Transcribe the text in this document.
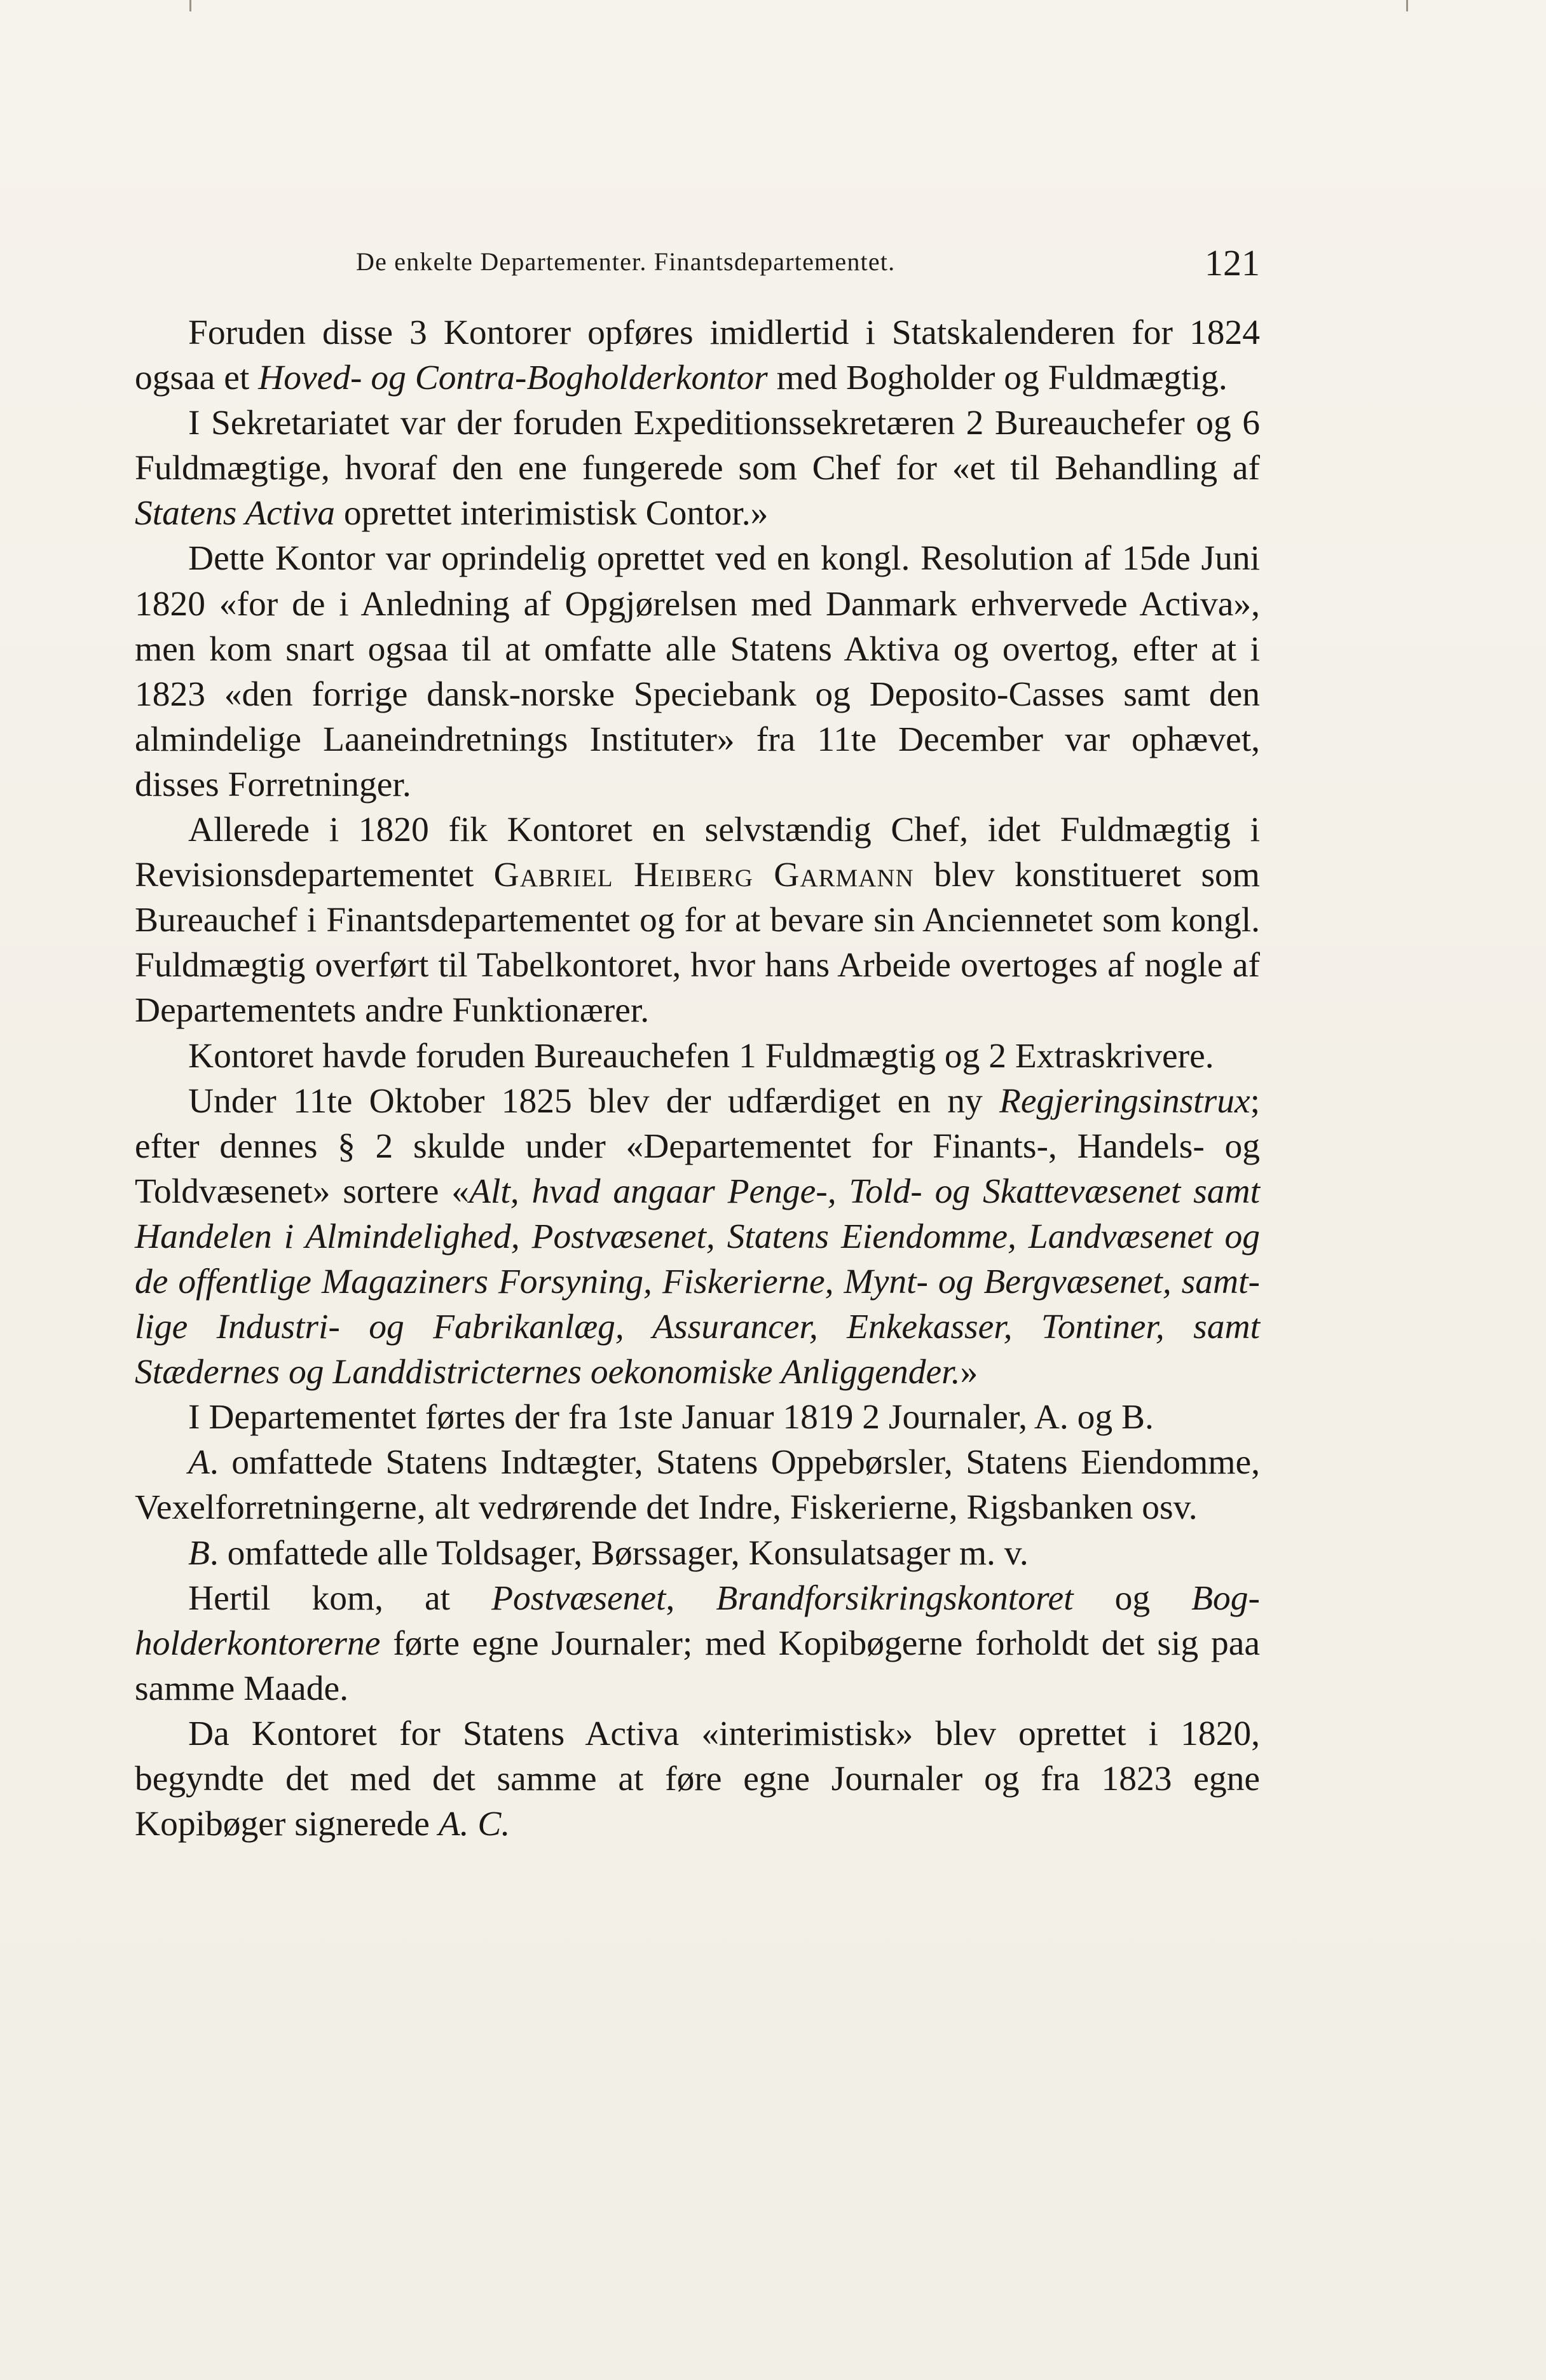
De enkelte Departementer. Finantsdepartementet.	121

Foruden disse 3 Kontorer opføres imidlertid i Statskalenderen for 1824 ogsaa et Hoved- og Contra-Bogholderkontor med Bogholder og Fuldmægtig.

I Sekretariatet var der foruden Expeditionssekretæren 2 Bureauchefer og 6 Fuldmægtige, hvoraf den ene fungerede som Chef for «et til Behandling af Statens Activa oprettet interimistisk Contor.»

Dette Kontor var oprindelig oprettet ved en kongl. Resolution af 15de Juni 1820 «for de i Anledning af Opgjørelsen med Danmark erhvervede Activa», men kom snart ogsaa til at omfatte alle Statens Aktiva og overtog, efter at i 1823 «den forrige dansk-norske Speciebank og Deposito-Casses samt den almindelige Laaneindretnings Instituter» fra 11te December var ophævet, disses Forretninger.

Allerede i 1820 fik Kontoret en selvstændig Chef, idet Fuldmægtig i Revisionsdepartementet Gabriel Heiberg Garmann blev konstitueret som Bureauchef i Finantsdepartementet og for at bevare sin Anciennetet som kongl. Fuldmægtig overført til Tabelkontoret, hvor hans Arbeide overtoges af nogle af Departementets andre Funktionærer.

Kontoret havde foruden Bureauchefen 1 Fuldmægtig og 2 Extraskrivere.

Under 11te Oktober 1825 blev der udfærdiget en ny Regjeringsinstrux; efter dennes § 2 skulde under «Departementet for Finants-, Handels- og Toldvæsenet» sortere «Alt, hvad angaar Penge-, Told- og Skattevæsenet samt Handelen i Almindelighed, Postvæsenet, Statens Eiendomme, Landvæsenet og de offentlige Magaziners Forsyning, Fiskerierne, Mynt- og Bergvæsenet, samtlige Industri- og Fabrikanlæg, Assurancer, Enkekasser, Tontiner, samt Stædernes og Landdistricternes oekonomiske Anliggender.»

I Departementet førtes der fra 1ste Januar 1819 2 Journaler, A. og B.

A. omfattede Statens Indtægter, Statens Oppebørsler, Statens Eiendomme, Vexelforretningerne, alt vedrørende det Indre, Fiskerierne, Rigsbanken osv.

B. omfattede alle Toldsager, Børssager, Konsulatsager m. v.

Hertil kom, at Postvæsenet, Brandforsikringskontoret og Bogholderkontorerne førte egne Journaler; med Kopibøgerne forholdt det sig paa samme Maade.

Da Kontoret for Statens Activa «interimistisk» blev oprettet i 1820, begyndte det med det samme at føre egne Journaler og fra 1823 egne Kopibøger signerede A. C.
